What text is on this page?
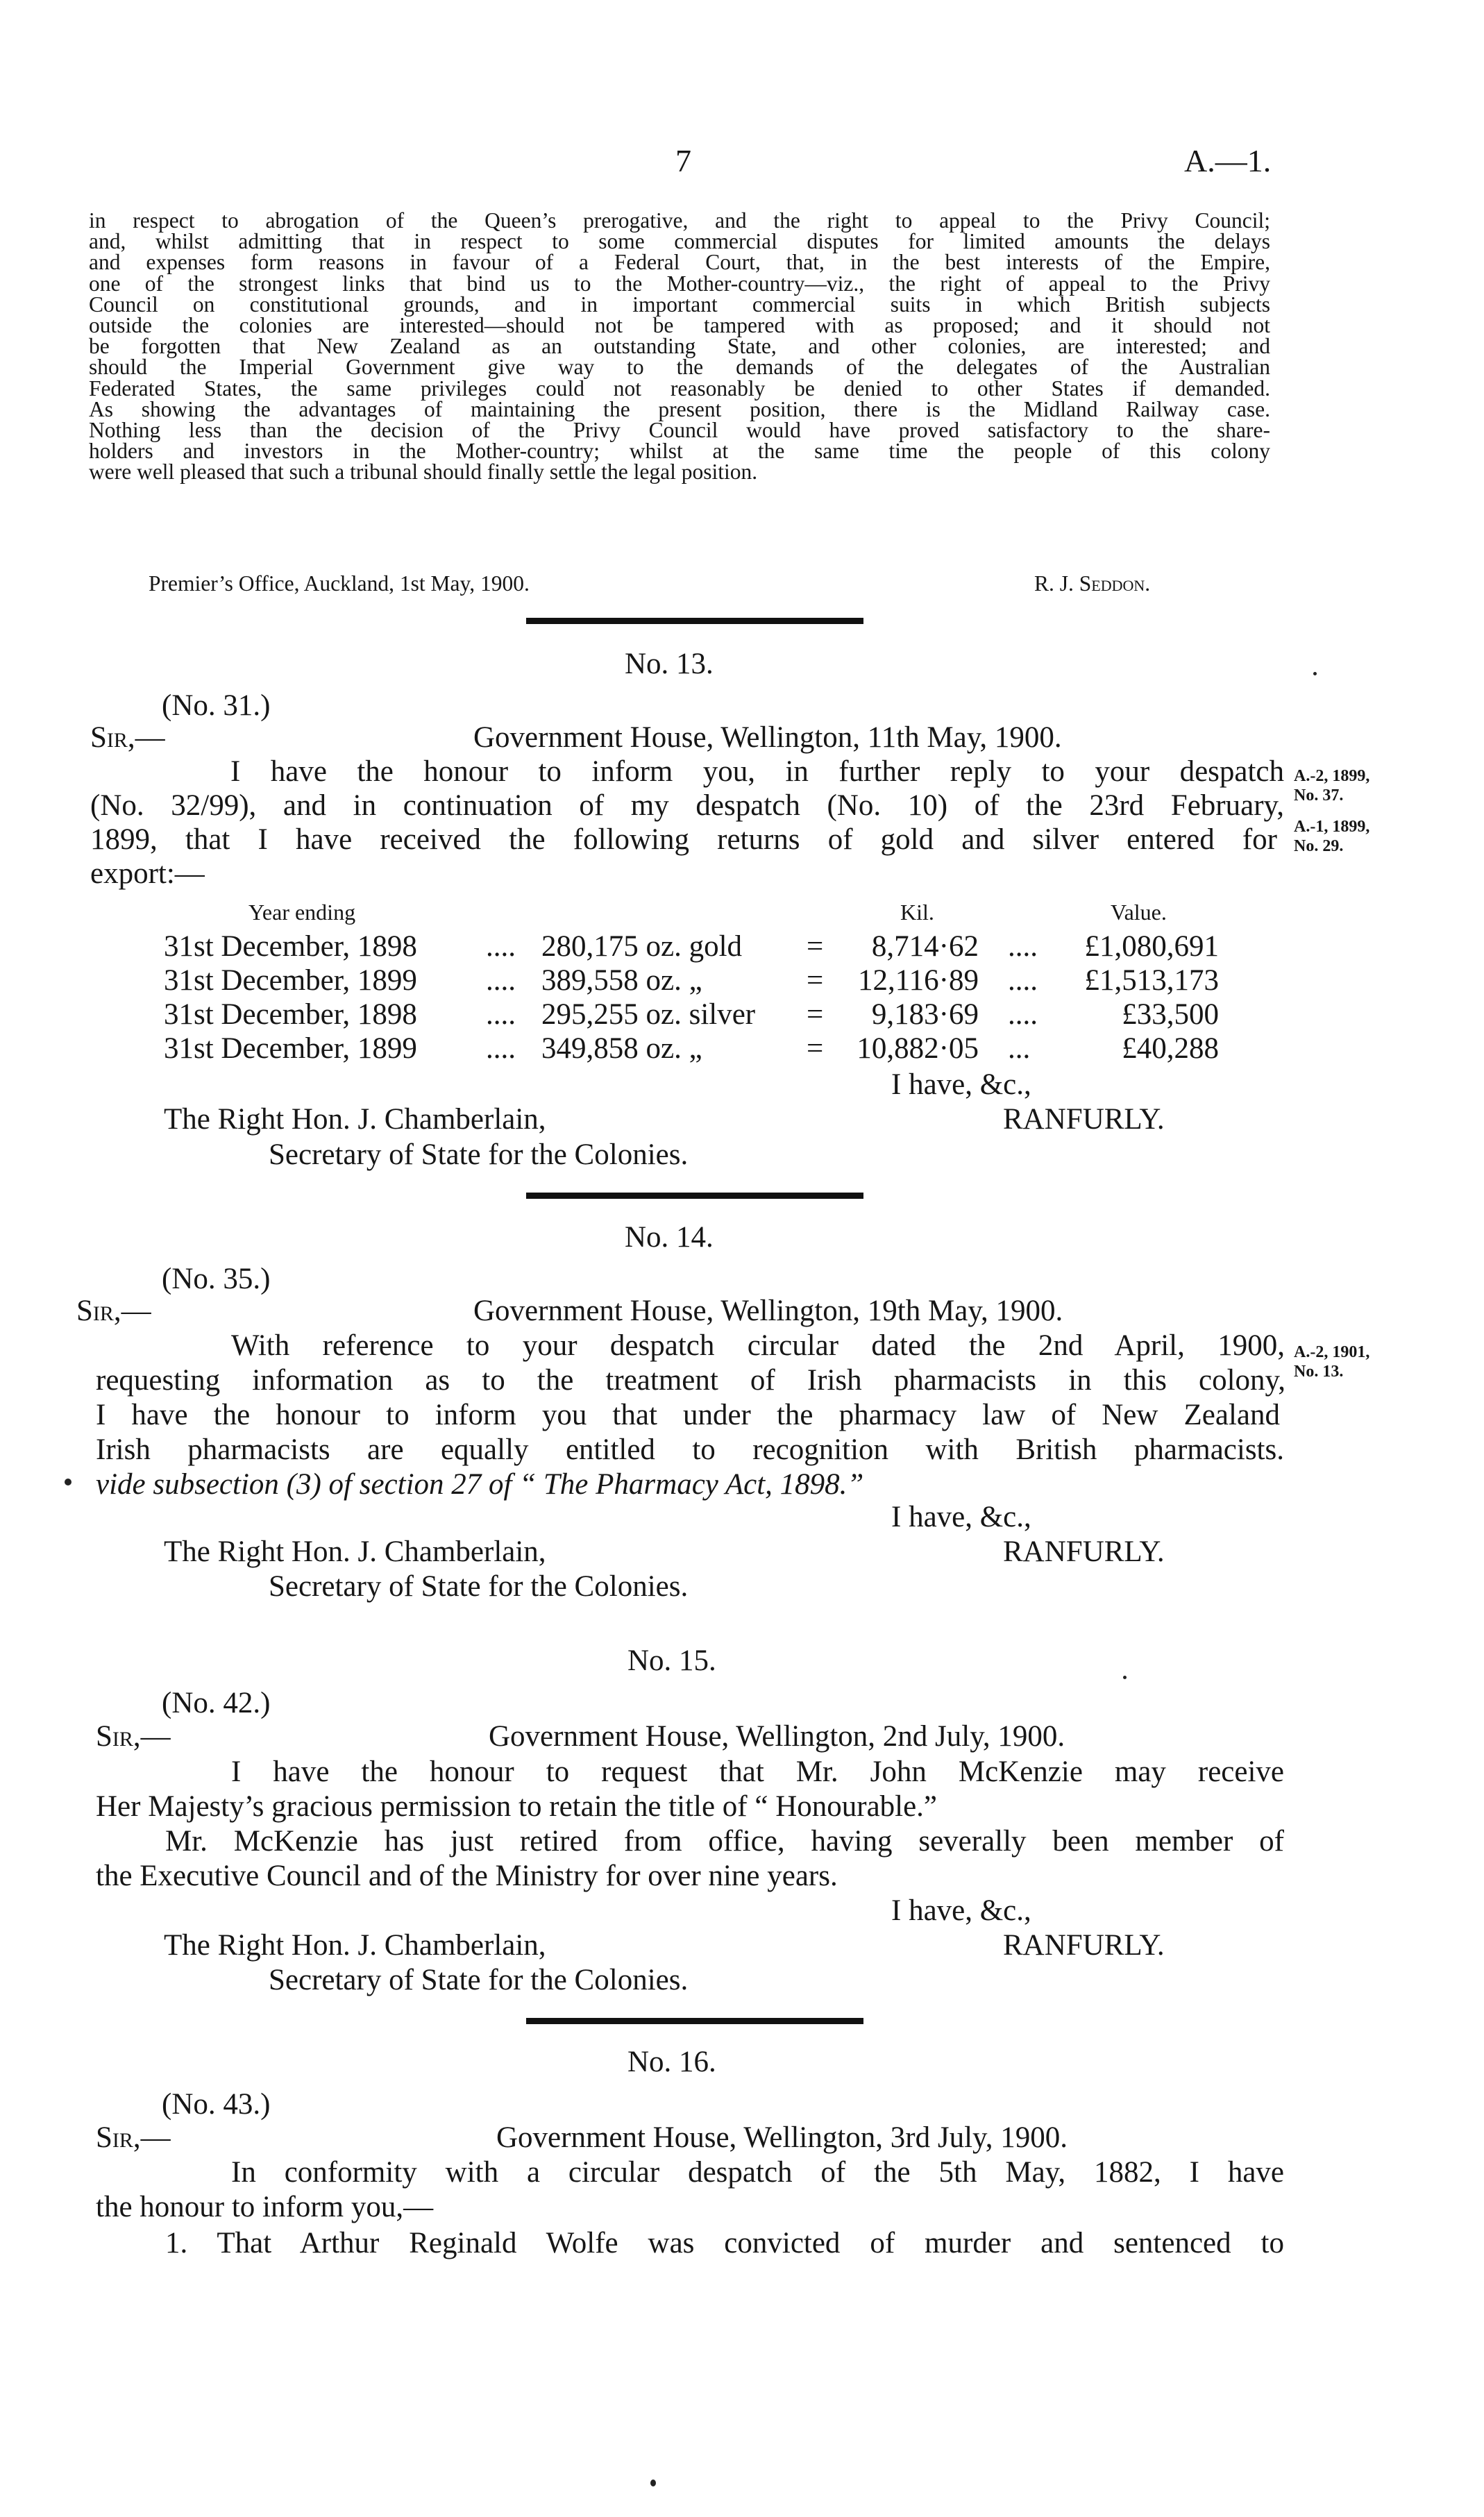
7	A.—1.
in respect to abrogation of the Queen’s prerogative, and the right to appeal to the Privy Council;
and, whilst admitting that in respect to some commercial disputes for limited amounts the delays
and expenses form reasons in favour of a Federal Court, that, in the best interests of the Empire,
one of the strongest links that bind us to the Mother-country—viz., the right of appeal to the Privy
Council on constitutional grounds, and in important commercial suits in which British subjects
outside the colonies are interested—should not be tampered with as proposed; and it should not
be forgotten that New Zealand as an outstanding State, and other colonies, are interested; and
should the Imperial Government give way to the demands of the delegates of the Australian
Federated States, the same privileges could not reasonably be denied to other States if demanded.
As showing the advantages of maintaining the present position, there is the Midland Railway case.
Nothing less than the decision of the Privy Council would have proved satisfactory to the share-
holders and investors in the Mother-country; whilst at the same time the people of this colony
were well pleased that such a tribunal should finally settle the legal position.
Premier’s Office, Auckland, 1st May, 1900.	R. J. Seddon.
No. 13.
(No. 31.)
Sir,—	Government House, Wellington, 11th May, 1900.
I have the honour to inform you, in further reply to your despatch
(No. 32/99), and in continuation of my despatch (No. 10) of the 23rd February,
1899, that I have received the following returns of gold and silver entered for
export:—
A.-2, 1899,
No. 37.
A.-1, 1899,
No. 29.
Year ending	Kil.	Value.
31st December, 1898 .... 280,175 oz. gold =	8,714·62 ....	£1,080,691
31st December, 1899 .... 389,558 oz. „	=	12,116·89 ....	£1,513,173
31st December, 1898 .... 295,255 oz. silver =	9,183·69 ....	£33,500
31st December, 1899 .... 349,858 oz. „	=	10,882·05 ...	£40,288
I have, &c.,
The Right Hon. J. Chamberlain,	RANFURLY.
Secretary of State for the Colonies.
No. 14.
(No. 35.)
Sir,—	Government House, Wellington, 19th May, 1900.
With reference to your despatch circular dated the 2nd April, 1900,
requesting information as to the treatment of Irish pharmacists in this colony,
I have the honour to inform you that under the pharmacy law of New Zealand
Irish pharmacists are equally entitled to recognition with British pharmacists.
vide subsection (3) of section 27 of “ The Pharmacy Act, 1898.”
A.-2, 1901,
No. 13.
I have, &c.,
The Right Hon. J. Chamberlain,	RANFURLY.
Secretary of State for the Colonies.
No. 15.
(No. 42.)
Sir,—	Government House, Wellington, 2nd July, 1900.
I have the honour to request that Mr. John McKenzie may receive
Her Majesty’s gracious permission to retain the title of “ Honourable.”
Mr. McKenzie has just retired from office, having severally been member of
the Executive Council and of the Ministry for over nine years.
I have, &c.,
The Right Hon. J. Chamberlain,	RANFURLY.
Secretary of State for the Colonies.
No. 16.
(No. 43.)
Sir,—	Government House, Wellington, 3rd July, 1900.
In conformity with a circular despatch of the 5th May, 1882, I have
the honour to inform you,—
1. That Arthur Reginald Wolfe was convicted of murder and sentenced to
